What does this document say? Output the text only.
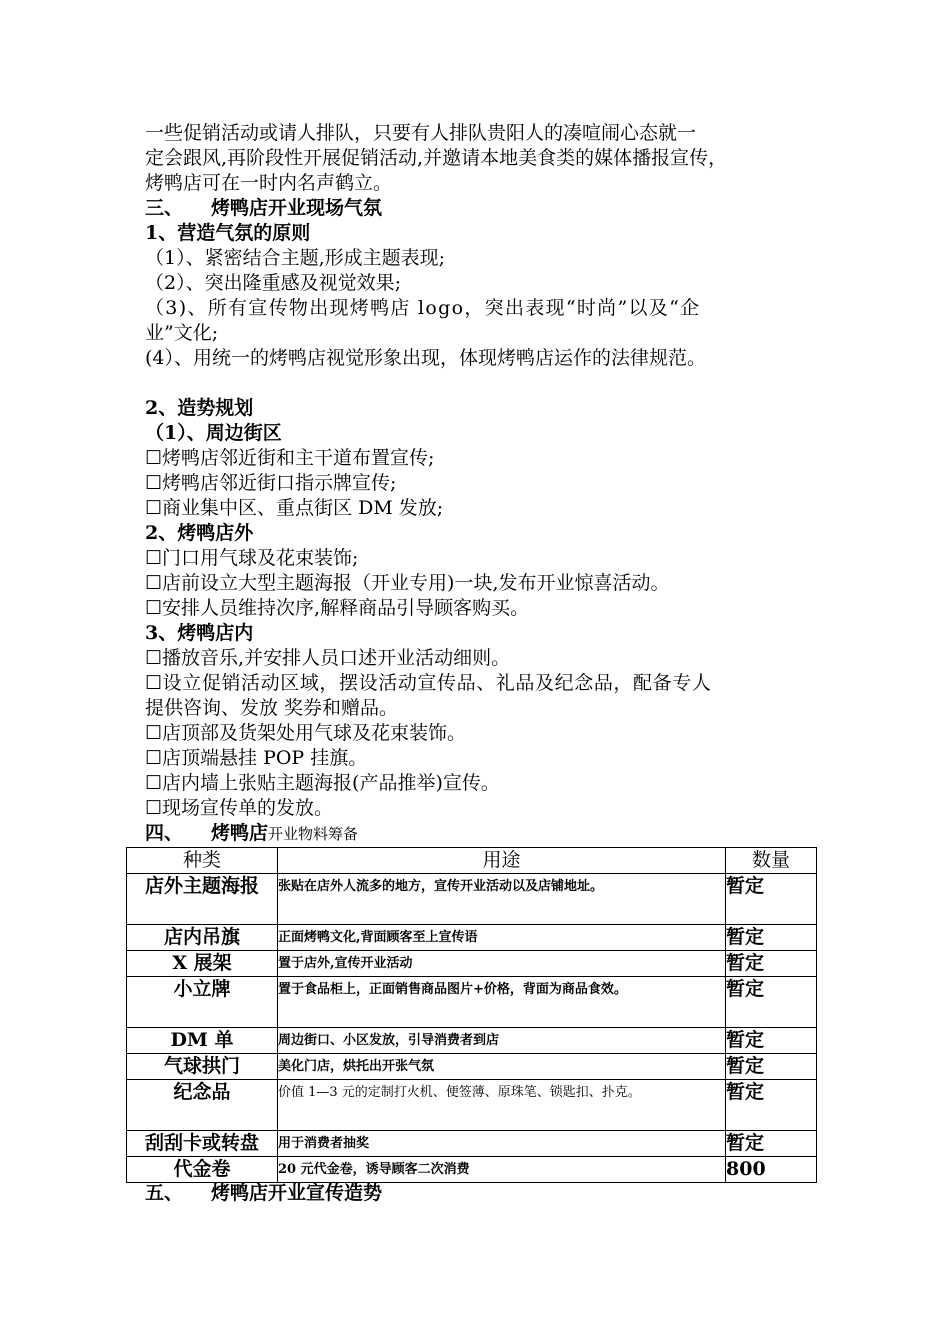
一些促销活动或请人排队，只要有人排队贵阳人的凑喧闹心态就一
定会跟风,再阶段性开展促销活动,并邀请本地美食类的媒体播报宣传，
烤鸭店可在一时内名声鹤立。
三、 烤鸭店开业现场气氛
1、营造气氛的原则
（1）、紧密结合主题,形成主题表现;
（2）、突出隆重感及视觉效果;
（3)、所有宣传物出现烤鸭店 logo，突出表现“时尚”以及“企
业”文化;
(4）、用统一的烤鸭店视觉形象出现，体现烤鸭店运作的法律规范。
2、造势规划
（1）、周边街区
☐烤鸭店邻近街和主干道布置宣传;
☐烤鸭店邻近街口指示牌宣传;
☐商业集中区、重点街区 DM 发放;
2、烤鸭店外
☐门口用气球及花束装饰;
☐店前设立大型主题海报（开业专用)一块,发布开业惊喜活动。
☐安排人员维持次序,解释商品引导顾客购买。
3、烤鸭店内
☐播放音乐,并安排人员口述开业活动细则。
☐设立促销活动区域，摆设活动宣传品、礼品及纪念品，配备专人
提供咨询、发放 奖券和赠品。
☐店顶部及货架处用气球及花束装饰。
☐店顶端悬挂 POP 挂旗。
☐店内墙上张贴主题海报(产品推举)宣传。
☐现场宣传单的发放。
四、 烤鸭店开业物料筹备
种类	用途	数量
店外主题海报	张贴在店外人流多的地方，宣传开业活动以及店铺地址。	暂定
店内吊旗	正面烤鸭文化,背面顾客至上宣传语	暂定
X 展架	置于店外,宣传开业活动	暂定
小立牌	置于食品柜上，正面销售商品图片+价格，背面为商品食效。	暂定
DM 单	周边街口、小区发放，引导消费者到店	暂定
气球拱门	美化门店，烘托出开张气氛	暂定
纪念品	价值 1—3 元的定制打火机、便签薄、原珠笔、锁匙扣、扑克。	暂定
刮刮卡或转盘	用于消费者抽奖	暂定
代金卷	20 元代金卷，诱导顾客二次消费	800
五、 烤鸭店开业宣传造势
